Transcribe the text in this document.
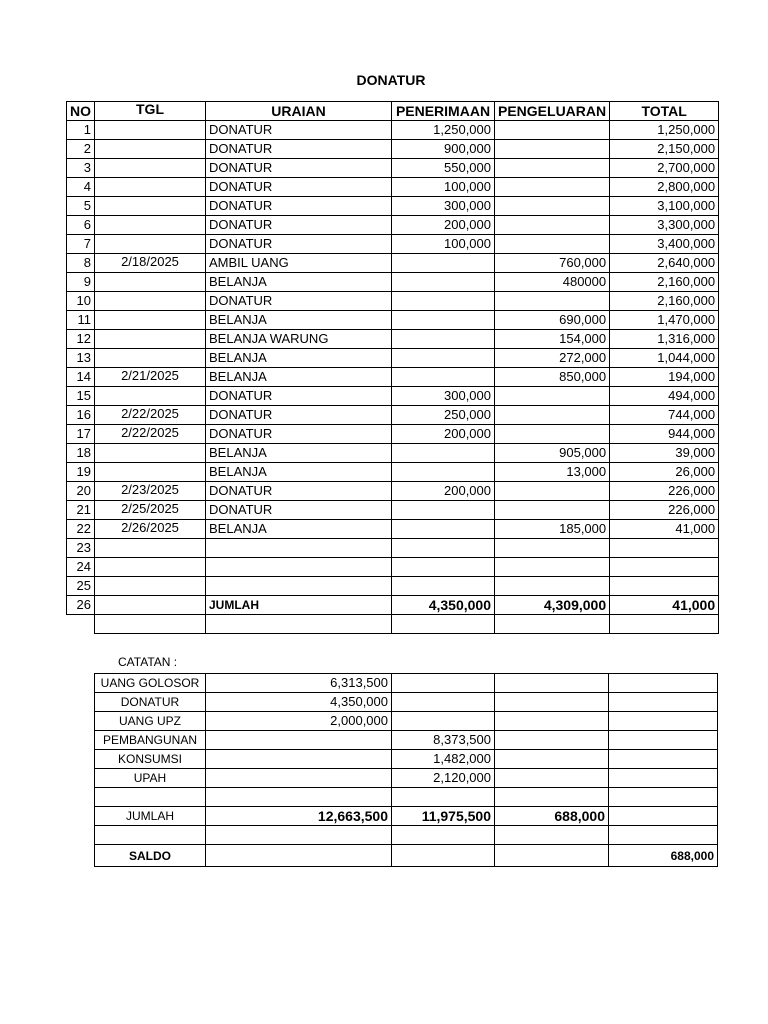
DONATUR
NO	TGL	URAIAN	PENERIMAAN	PENGELUARAN	TOTAL
1		DONATUR	1,250,000		1,250,000
2		DONATUR	900,000		2,150,000
3		DONATUR	550,000		2,700,000
4		DONATUR	100,000		2,800,000
5		DONATUR	300,000		3,100,000
6		DONATUR	200,000		3,300,000
7		DONATUR	100,000		3,400,000
8	2/18/2025	AMBIL UANG		760,000	2,640,000
9		BELANJA		480000	2,160,000
10		DONATUR			2,160,000
11		BELANJA		690,000	1,470,000
12		BELANJA WARUNG		154,000	1,316,000
13		BELANJA		272,000	1,044,000
14	2/21/2025	BELANJA		850,000	194,000
15		DONATUR	300,000		494,000
16	2/22/2025	DONATUR	250,000		744,000
17	2/22/2025	DONATUR	200,000		944,000
18		BELANJA		905,000	39,000
19		BELANJA		13,000	26,000
20	2/23/2025	DONATUR	200,000		226,000
21	2/25/2025	DONATUR			226,000
22	2/26/2025	BELANJA		185,000	41,000
23					
24					
25					
26		JUMLAH	4,350,000	4,309,000	41,000

CATATAN :
UANG GOLOSOR	6,313,500			
DONATUR	4,350,000			
UANG UPZ	2,000,000			
PEMBANGUNAN		8,373,500		
KONSUMSI		1,482,000		
UPAH		2,120,000		

JUMLAH	12,663,500	11,975,500	688,000	

SALDO				688,000
